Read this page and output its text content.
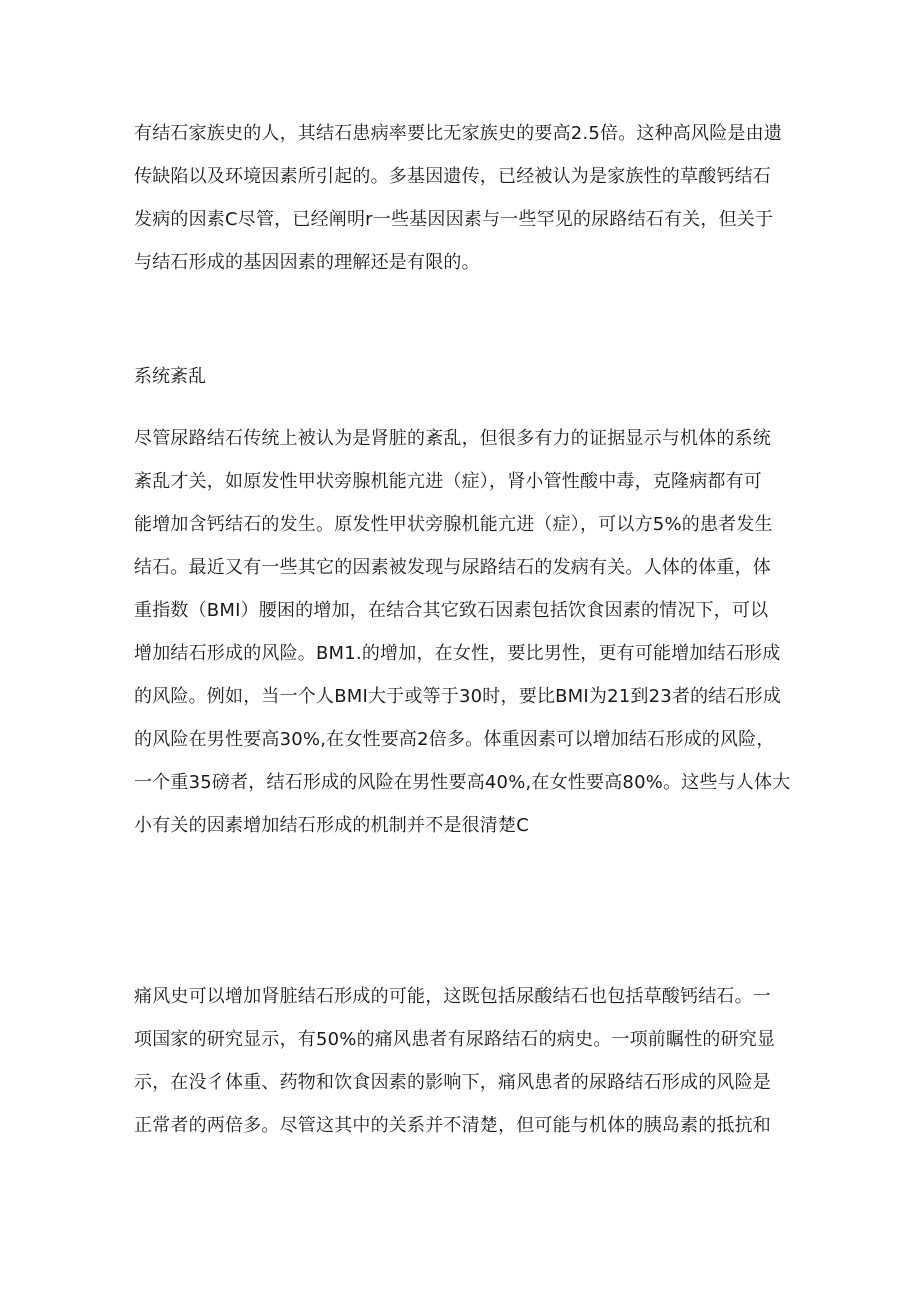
有结石家族史的人，其结石患病率要比无家族史的要高2.5倍。这种高风险是由遗
传缺陷以及环境因素所引起的。多基因遗传，已经被认为是家族性的草酸钙结石
发病的因素C尽管，已经阐明r一些基因因素与一些罕见的尿路结石有关，但关于
与结石形成的基因因素的理解还是有限的。

系统紊乱

尽管尿路结石传统上被认为是肾脏的紊乱，但很多有力的证据显示与机体的系统
紊乱才关，如原发性甲状旁腺机能亢进（症），肾小管性酸中毒，克隆病都有可
能增加含钙结石的发生。原发性甲状旁腺机能亢进（症），可以方5%的患者发生
结石。最近又有一些其它的因素被发现与尿路结石的发病有关。人体的体重，体
重指数（BMI）腰困的增加，在结合其它致石因素包括饮食因素的情况下，可以
增加结石形成的风险。BM1.的增加，在女性，要比男性，更有可能增加结石形成
的风险。例如，当一个人BMI大于或等于30时，要比BMI为21到23者的结石形成
的风险在男性要高30%,在女性要高2倍多。体重因素可以增加结石形成的风险，
一个重35磅者，结石形成的风险在男性要高40%,在女性要高80%。这些与人体大
小有关的因素增加结石形成的机制并不是很清楚C

痛风史可以增加肾脏结石形成的可能，这既包括尿酸结石也包括草酸钙结石。一
项国家的研究显示，有50%的痛风患者有尿路结石的病史。一项前瞩性的研究显
示，在没彳体重、药物和饮食因素的影响下，痛风患者的尿路结石形成的风险是
正常者的两倍多。尽管这其中的关系并不清楚，但可能与机体的胰岛素的抵抗和
